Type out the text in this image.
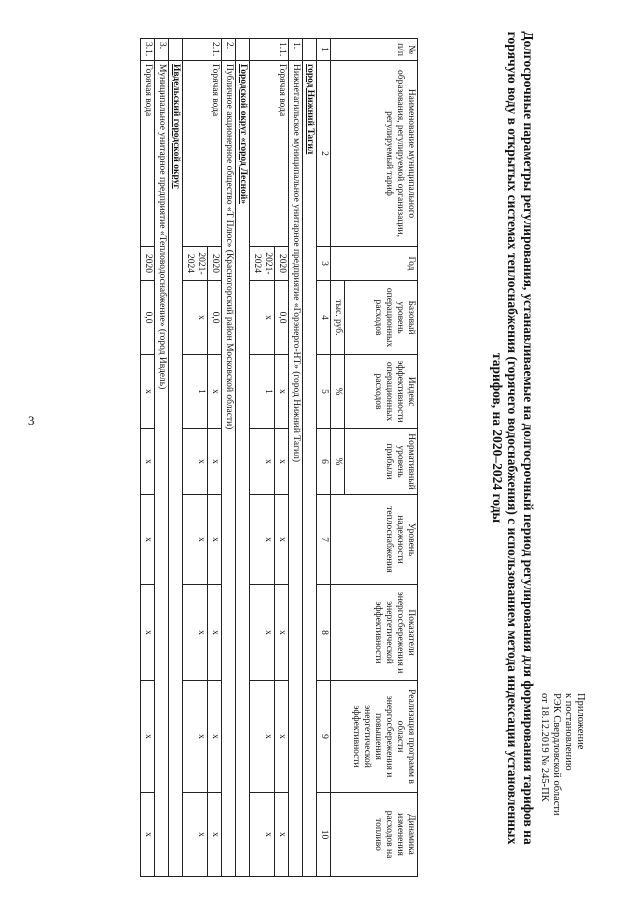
3
Приложение
к постановлению
РЭК Свердловской области
от 18.12.2019 № 245-ПК
Долгосрочные параметры регулирования, устанавливаемые на долгосрочный период регулирования для формирования тарифов на горячую воду в открытых системах теплоснабжения (горячего водоснабжения) с использованием метода индексации установленных тарифов, на 2020–2024 годы
№ п/п	Наименование муниципального образования, регулируемой организации, регулируемый тариф	Год	Базовый уровень операционных расходов	Индекс эффективности операционных расходов	Нормативный уровень прибыли	Уровень надежности теплоснабжения	Показатели энергосбережения и энергетической эффективности	Реализация программ в области энергосбережения и повышения энергетической эффективности	Динамика изменения расходов на топливо
			тыс. руб.	%	%				
1	2	3	4	5	6	7	8	9	10
	город Нижний Тагил								
1.	Нижнетагильское муниципальное унитарное предприятие «Горэнерго-НТ» (город Нижний Тагил)								
1.1.	Горячая вода	2020	0,0	х	х	х	х	х	х
		2021-2024	х	1	х	х	х	х	х
	Городской округ «город Лесной»								
2.	Публичное акционерное общество «Т Плюс» (Красногорский район Московской области)								
2.1.	Горячая вода	2020	0,0	х	х	х	х	х	х
		2021-2024	х	1	х	х	х	х	х
	Ивдельский городской округ								
3.	Муниципальное унитарное предприятие «Тепловодоснабжение» (город Ивдель)								
3.1.	Горячая вода	2020	0,0	х	х	х	х	х	х
